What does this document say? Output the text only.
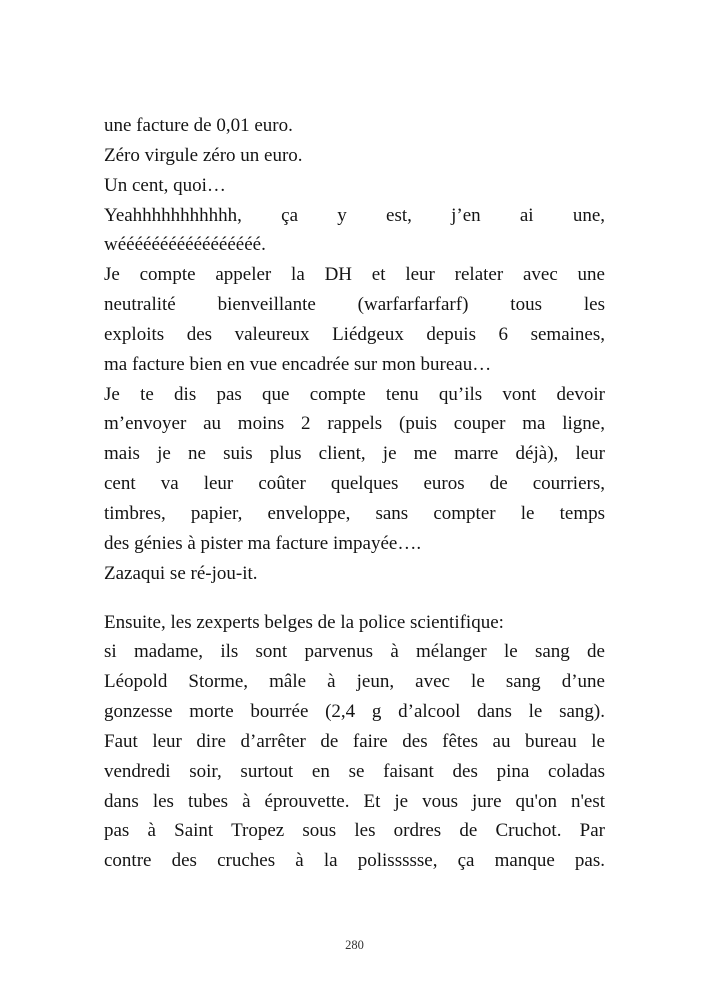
une facture de 0,01 euro.
Zéro virgule zéro un euro.
Un cent, quoi…
Yeahhhhhhhhhhh, ça y est, j’en ai une,
wééééééééééééééééé.
Je compte appeler la DH et leur relater avec une
neutralité bienveillante (warfarfarfarf) tous les
exploits des valeureux Liédgeux depuis 6 semaines,
ma facture bien en vue encadrée sur mon bureau…
Je te dis pas que compte tenu qu’ils vont devoir
m’envoyer au moins 2 rappels (puis couper ma ligne,
mais je ne suis plus client, je me marre déjà), leur
cent va leur coûter quelques euros de courriers,
timbres, papier, enveloppe, sans compter le temps
des génies à pister ma facture impayée….
Zazaqui se ré-jou-it.
Ensuite, les zexperts belges de la police scientifique:
si madame, ils sont parvenus à mélanger le sang de
Léopold Storme, mâle à jeun, avec le sang d’une
gonzesse morte bourrée (2,4 g d’alcool dans le sang).
Faut leur dire d’arrêter de faire des fêtes au bureau le
vendredi soir, surtout en se faisant des pina coladas
dans les tubes à éprouvette. Et je vous jure qu'on n'est
pas à Saint Tropez sous les ordres de Cruchot. Par
contre des cruches à la polissssse, ça manque pas.
280
